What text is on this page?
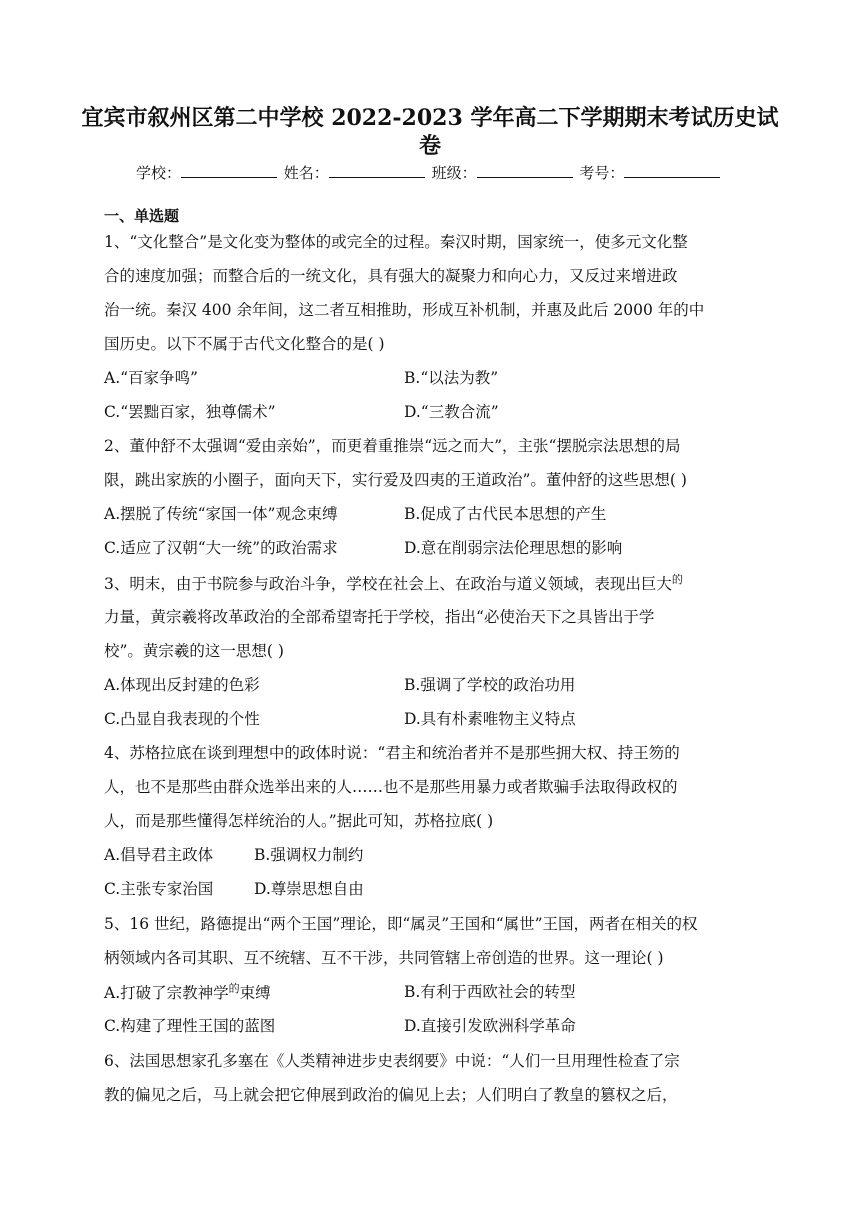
宜宾市叙州区第二中学校 2022-2023 学年高二下学期期末考试历史试
卷
学校：	姓名：	班级：	考号：
一、单选题
1、“文化整合”是文化变为整体的或完全的过程。秦汉时期，国家统一，使多元文化整
合的速度加强；而整合后的一统文化，具有强大的凝聚力和向心力，又反过来增进政
治一统。秦汉 400 余年间，这二者互相推助，形成互补机制，并惠及此后 2000 年的中
国历史。以下不属于古代文化整合的是( )
A.“百家争鸣”	B.“以法为教”
C.“罢黜百家，独尊儒术”	D.“三教合流”
2、董仲舒不太强调“爱由亲始”，而更着重推崇“远之而大”，主张“摆脱宗法思想的局
限，跳出家族的小圈子，面向天下，实行爱及四夷的王道政治”。董仲舒的这些思想( )
A.摆脱了传统“家国一体”观念束缚	B.促成了古代民本思想的产生
C.适应了汉朝“大一统”的政治需求	D.意在削弱宗法伦理思想的影响
3、明末，由于书院参与政治斗争，学校在社会上、在政治与道义领域，表现出巨大$^的$
力量，黄宗羲将改革政治的全部希望寄托于学校，指出“必使治天下之具皆出于学
校”。黄宗羲的这一思想( )
A.体现出反封建的色彩	B.强调了学校的政治功用
C.凸显自我表现的个性	D.具有朴素唯物主义特点
4、苏格拉底在谈到理想中的政体时说：“君主和统治者并不是那些拥大权、持王笏的
人，也不是那些由群众选举出来的人……也不是那些用暴力或者欺骗手法取得政权的
人，而是那些懂得怎样统治的人。”据此可知，苏格拉底( )
A.倡导君主政体	B.强调权力制约
C.主张专家治国	D.尊崇思想自由
5、16 世纪，路德提出“两个王国”理论，即“属灵”王国和“属世”王国，两者在相关的权
柄领域内各司其职、互不统辖、互不干涉，共同管辖上帝创造的世界。这一理论( )
A.打破了宗教神学$^的$束缚	B.有利于西欧社会的转型
C.构建了理性王国的蓝图	D.直接引发欧洲科学革命
6、法国思想家孔多塞在《人类精神进步史表纲要》中说：“人们一旦用理性检查了宗
教的偏见之后，马上就会把它伸展到政治的偏见上去；人们明白了教皇的篡权之后，
